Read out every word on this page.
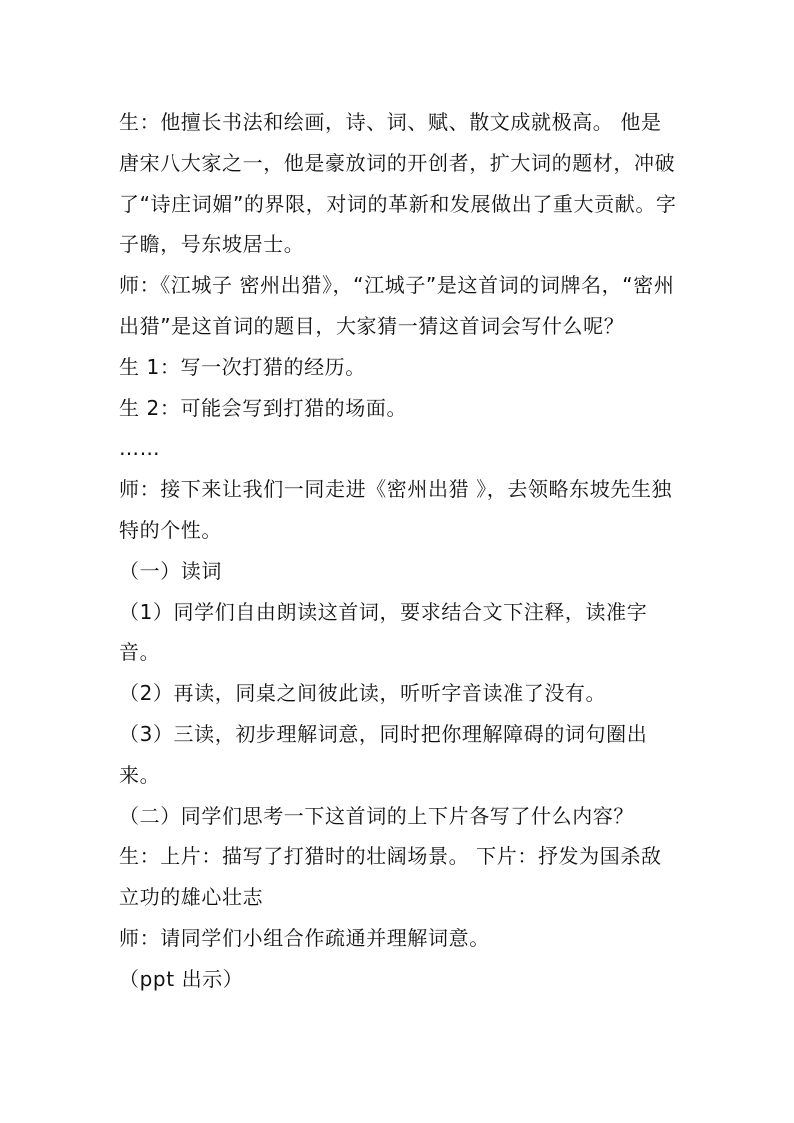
生：他擅长书法和绘画，诗、词、赋、散文成就极高。 他是唐宋八大家之一，他是豪放词的开创者，扩大词的题材，冲破了“诗庄词媚”的界限，对词的革新和发展做出了重大贡献。字子瞻，号东坡居士。

师：《江城子 密州出猎》，“江城子”是这首词的词牌名，“密州出猎”是这首词的题目，大家猜一猜这首词会写什么呢？

生 1：写一次打猎的经历。

生 2：可能会写到打猎的场面。

……

师：接下来让我们一同走进《密州出猎 》，去领略东坡先生独特的个性。

（一）读词

（1）同学们自由朗读这首词，要求结合文下注释，读准字音。

（2）再读，同桌之间彼此读，听听字音读准了没有。

（3）三读，初步理解词意，同时把你理解障碍的词句圈出来。

（二）同学们思考一下这首词的上下片各写了什么内容？

生：上片：描写了打猎时的壮阔场景。 下片：抒发为国杀敌立功的雄心壮志

师：请同学们小组合作疏通并理解词意。

（ppt 出示）
